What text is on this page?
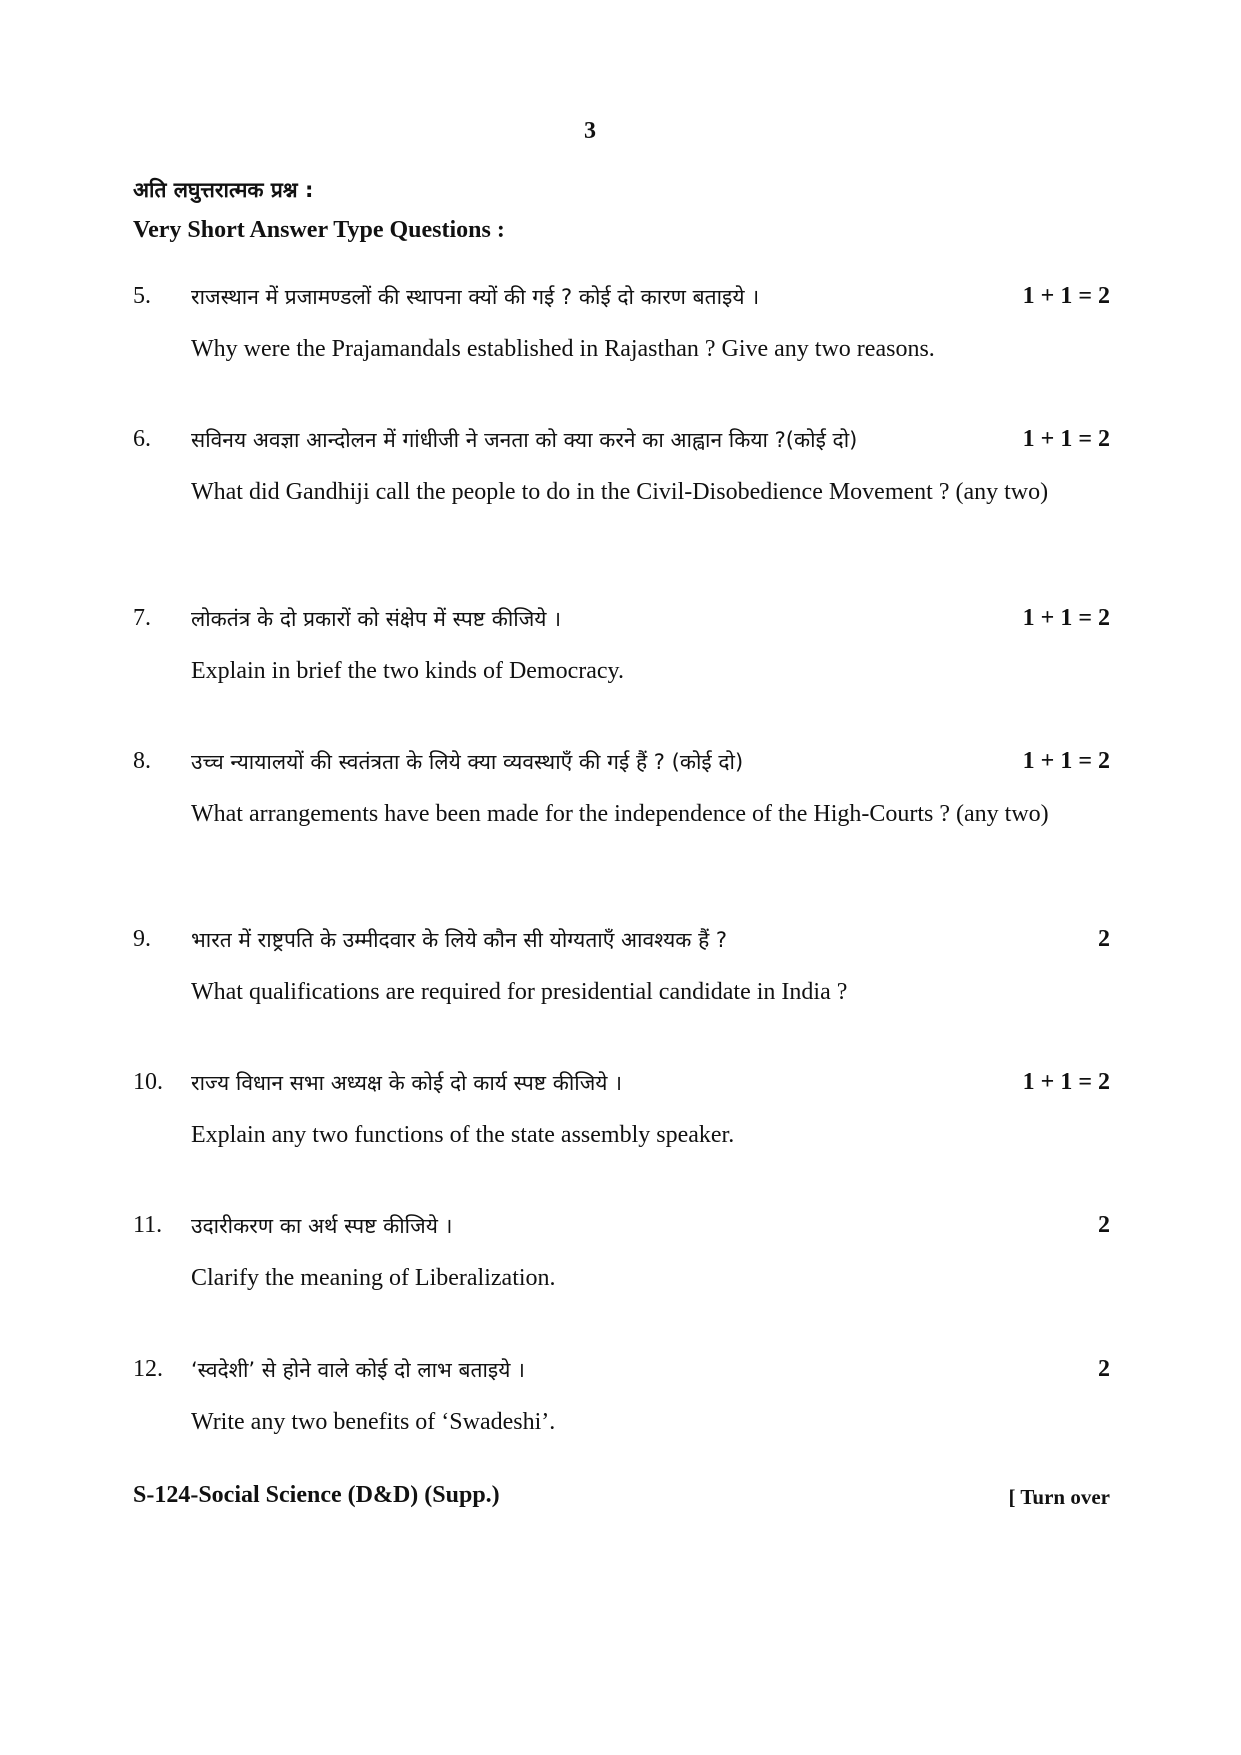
3
अति लघुत्तरात्मक प्रश्न :
Very Short Answer Type Questions :
5. राजस्थान में प्रजामण्डलों की स्थापना क्यों की गई ? कोई दो कारण बताइये ।	1 + 1 = 2
Why were the Prajamandals established in Rajasthan ? Give any two reasons.
6. सविनय अवज्ञा आन्दोलन में गांधीजी ने जनता को क्या करने का आह्वान किया ?(कोई दो)	1 + 1 = 2
What did Gandhiji call the people to do in the Civil-Disobedience Movement ? (any two)
7. लोकतंत्र के दो प्रकारों को संक्षेप में स्पष्ट कीजिये ।	1 + 1 = 2
Explain in brief the two kinds of Democracy.
8. उच्च न्यायालयों की स्वतंत्रता के लिये क्या व्यवस्थाएँ की गई हैं ? (कोई दो)	1 + 1 = 2
What arrangements have been made for the independence of the High-Courts ? (any two)
9. भारत में राष्ट्रपति के उम्मीदवार के लिये कौन सी योग्यताएँ आवश्यक हैं ?	2
What qualifications are required for presidential candidate in India ?
10. राज्य विधान सभा अध्यक्ष के कोई दो कार्य स्पष्ट कीजिये ।	1 + 1 = 2
Explain any two functions of the state assembly speaker.
11. उदारीकरण का अर्थ स्पष्ट कीजिये ।	2
Clarify the meaning of Liberalization.
12. ‘स्वदेशी’ से होने वाले कोई दो लाभ बताइये ।	2
Write any two benefits of ‘Swadeshi’.
S-124-Social Science (D&D) (Supp.)	[ Turn over
